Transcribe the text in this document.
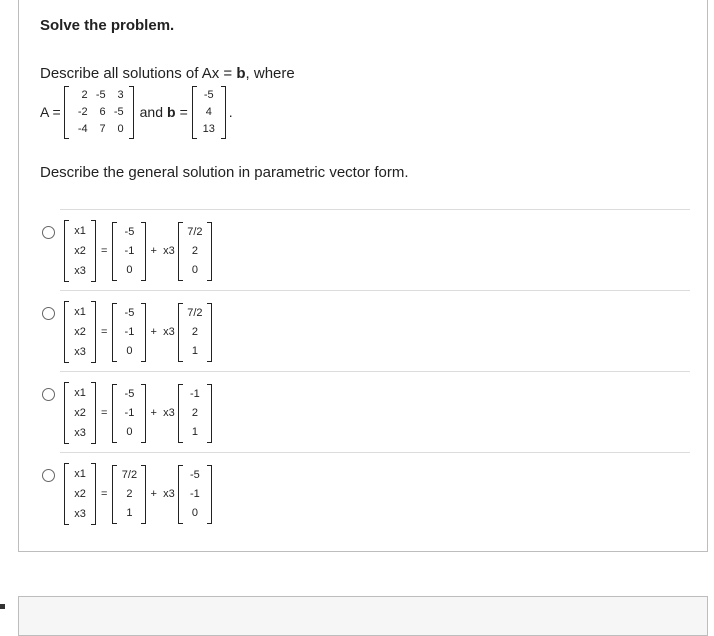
Solve the problem.
Describe all solutions of Ax = b, where
A =
2 -5	3
-2	6 -5
-4	7	0
and b =
-5
4
13
.
Describe the general solution in parametric vector form.
x1
x2
x3
=
-5
-1
0
+ x3
7/2
2
0
x1
x2
x3
=
-5
-1
0
+ x3
7/2
2
1
x1
x2
x3
=
-5
-1
0
+ x3
-1
2
1
x1
x2
x3
=
7/2
2
1
+ x3
-5
-1
0
